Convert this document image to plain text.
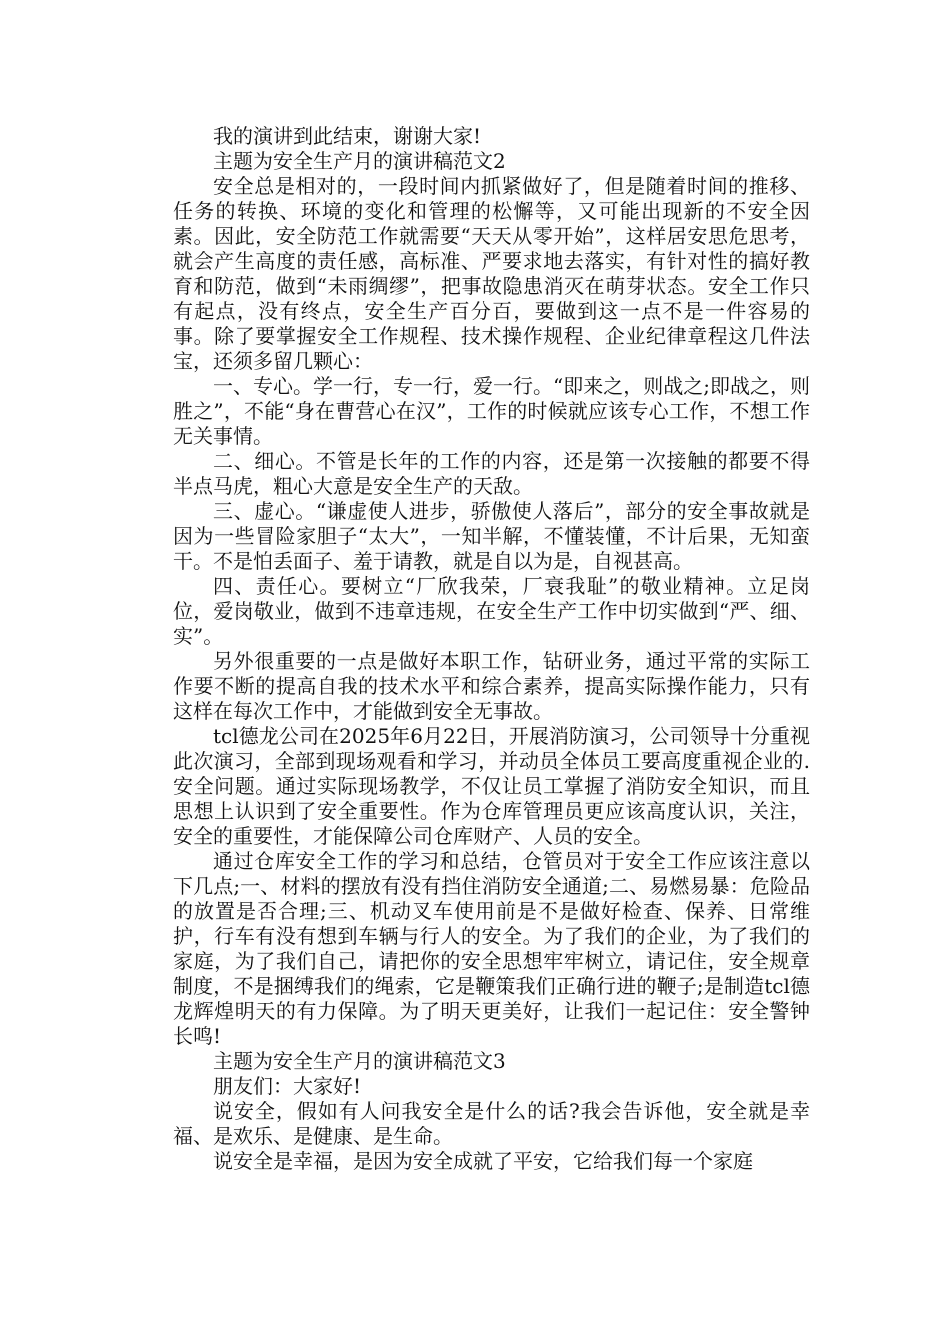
我的演讲到此结束，谢谢大家!

主题为安全生产月的演讲稿范文2

安全总是相对的，一段时间内抓紧做好了，但是随着时间的推移、任务的转换、环境的变化和管理的松懈等，又可能出现新的不安全因素。因此，安全防范工作就需要“天天从零开始”，这样居安思危思考，就会产生高度的责任感，高标准、严要求地去落实，有针对性的搞好教育和防范，做到“未雨绸缪”，把事故隐患消灭在萌芽状态。安全工作只有起点，没有终点，安全生产百分百，要做到这一点不是一件容易的事。除了要掌握安全工作规程、技术操作规程、企业纪律章程这几件法宝，还须多留几颗心：

一、专心。学一行，专一行，爱一行。“即来之，则战之;即战之，则胜之”，不能“身在曹营心在汉”，工作的时候就应该专心工作，不想工作无关事情。

二、细心。不管是长年的工作的内容，还是第一次接触的都要不得半点马虎，粗心大意是安全生产的天敌。

三、虚心。“谦虚使人进步，骄傲使人落后”，部分的安全事故就是因为一些冒险家胆子“太大”，一知半解，不懂装懂，不计后果，无知蛮干。不是怕丢面子、羞于请教，就是自以为是，自视甚高。

四、责任心。要树立“厂欣我荣，厂衰我耻”的敬业精神。立足岗位，爱岗敬业，做到不违章违规，在安全生产工作中切实做到“严、细、实”。

另外很重要的一点是做好本职工作，钻研业务，通过平常的实际工作要不断的提高自我的技术水平和综合素养，提高实际操作能力，只有这样在每次工作中，才能做到安全无事故。

tcl德龙公司在2025年6月22日，开展消防演习，公司领导十分重视此次演习，全部到现场观看和学习，并动员全体员工要高度重视企业的.安全问题。通过实际现场教学，不仅让员工掌握了消防安全知识，而且思想上认识到了安全重要性。作为仓库管理员更应该高度认识，关注，安全的重要性，才能保障公司仓库财产、人员的安全。

通过仓库安全工作的学习和总结，仓管员对于安全工作应该注意以下几点;一、材料的摆放有没有挡住消防安全通道;二、易燃易暴：危险品的放置是否合理;三、机动叉车使用前是不是做好检查、保养、日常维护，行车有没有想到车辆与行人的安全。为了我们的企业，为了我们的家庭，为了我们自己，请把你的安全思想牢牢树立，请记住，安全规章制度，不是捆缚我们的绳索，它是鞭策我们正确行进的鞭子;是制造tcl德龙辉煌明天的有力保障。为了明天更美好，让我们一起记住：安全警钟长鸣!

主题为安全生产月的演讲稿范文3

朋友们：大家好!

说安全，假如有人问我安全是什么的话?我会告诉他，安全就是幸福、是欢乐、是健康、是生命。

说安全是幸福，是因为安全成就了平安，它给我们每一个家庭
